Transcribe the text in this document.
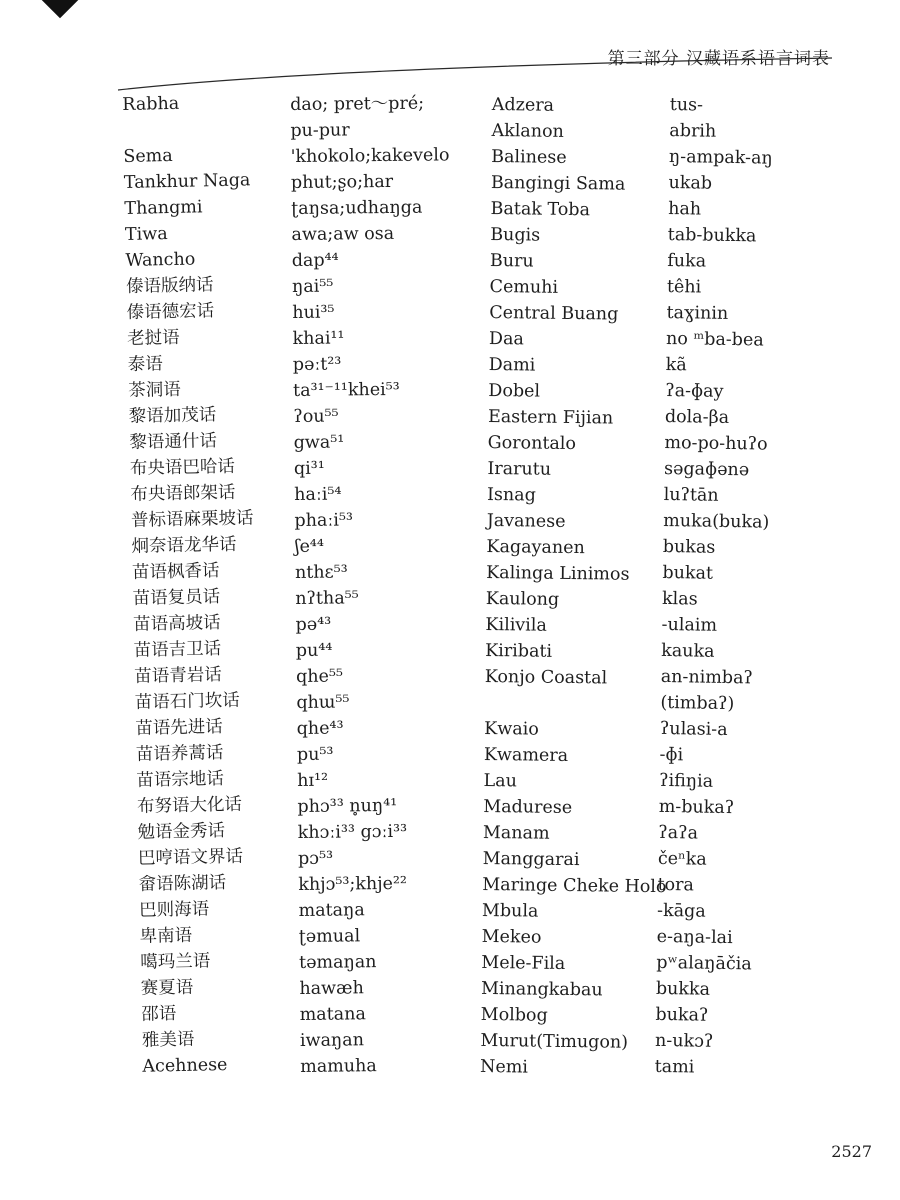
第三部分 汉藏语系语言词表
Rabha
Sema
Tankhur Naga
Thangmi
Tiwa
Wancho
傣语版纳话
傣语德宏话
老挝语
泰语
茶洞语
黎语加茂话
黎语通什话
布央语巴哈话
布央语郎架话
普标语麻栗坡话
炯奈语龙华话
苗语枫香话
苗语复员话
苗语高坡话
苗语吉卫话
苗语青岩话
苗语石门坎话
苗语先进话
苗语养蒿话
苗语宗地话
布努语大化话
勉语金秀话
巴哼语文界话
畲语陈湖话
巴则海语
卑南语
噶玛兰语
赛夏语
邵语
雅美语
Acehnese
dao; pret～pré;
pu-pur
'khokolo;kakevelo
phut;ʂo;har
ʈaŋsa;udhaŋga
awa;aw osa
dap⁴⁴
ŋai⁵⁵
hui³⁵
khai¹¹
pəːt²³
ta³¹⁻¹¹khei⁵³
ʔou⁵⁵
gwa⁵¹
qi³¹
haːi⁵⁴
phaːi⁵³
ʃe⁴⁴
nthɛ⁵³
nʔtha⁵⁵
pə⁴³
pu⁴⁴
qhe⁵⁵
qhɯ⁵⁵
qhe⁴³
pu⁵³
hɪ¹²
phɔ³³ n̥uŋ⁴¹
khɔːi³³ gɔːi³³
pɔ⁵³
khjɔ⁵³;khje²²
mataŋa
ʈəmual
təmaŋan
hawæh
matana
iwaŋan
mamuha
Adzera
Aklanon
Balinese
Bangingi Sama
Batak Toba
Bugis
Buru
Cemuhi
Central Buang
Daa
Dami
Dobel
Eastern Fijian
Gorontalo
Irarutu
Isnag
Javanese
Kagayanen
Kalinga Linimos
Kaulong
Kilivila
Kiribati
Konjo Coastal
Kwaio
Kwamera
Lau
Madurese
Manam
Manggarai
Maringe Cheke Holo
Mbula
Mekeo
Mele-Fila
Minangkabau
Molbog
Murut(Timugon)
Nemi
tus-
abrih
ŋ-ampak-aŋ
ukab
hah
tab-bukka
fuka
têhi
taɣinin
no ᵐba-bea
kã
ʔa-ɸay
dola-βa
mo-po-huʔo
səgaɸənə
luʔtān
muka(buka)
bukas
bukat
klas
-ulaim
kauka
an-nimbaʔ
(timbaʔ)
ʔulasi-a
-ɸi
ʔifiŋia
m-bukaʔ
ʔaʔa
čeⁿka
tora
-kāga
e-aŋa-lai
pʷalaŋāčia
bukka
bukaʔ
n-ukɔʔ
tami
2527
